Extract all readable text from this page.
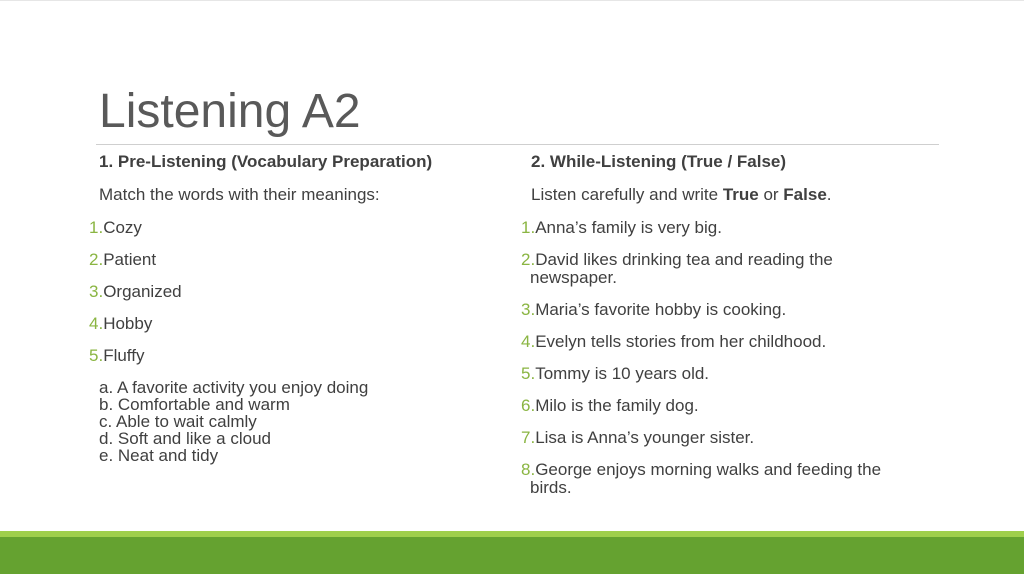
Listening A2
1. Pre-Listening (Vocabulary Preparation)
Match the words with their meanings:
1.Cozy
2.Patient
3.Organized
4.Hobby
5.Fluffy
a. A favorite activity you enjoy doing
b. Comfortable and warm
c. Able to wait calmly
d. Soft and like a cloud
e. Neat and tidy
2. While-Listening (True / False)
Listen carefully and write True or False.
1.Anna’s family is very big.
2.David likes drinking tea and reading the
newspaper.
3.Maria’s favorite hobby is cooking.
4.Evelyn tells stories from her childhood.
5.Tommy is 10 years old.
6.Milo is the family dog.
7.Lisa is Anna’s younger sister.
8.George enjoys morning walks and feeding the
birds.
